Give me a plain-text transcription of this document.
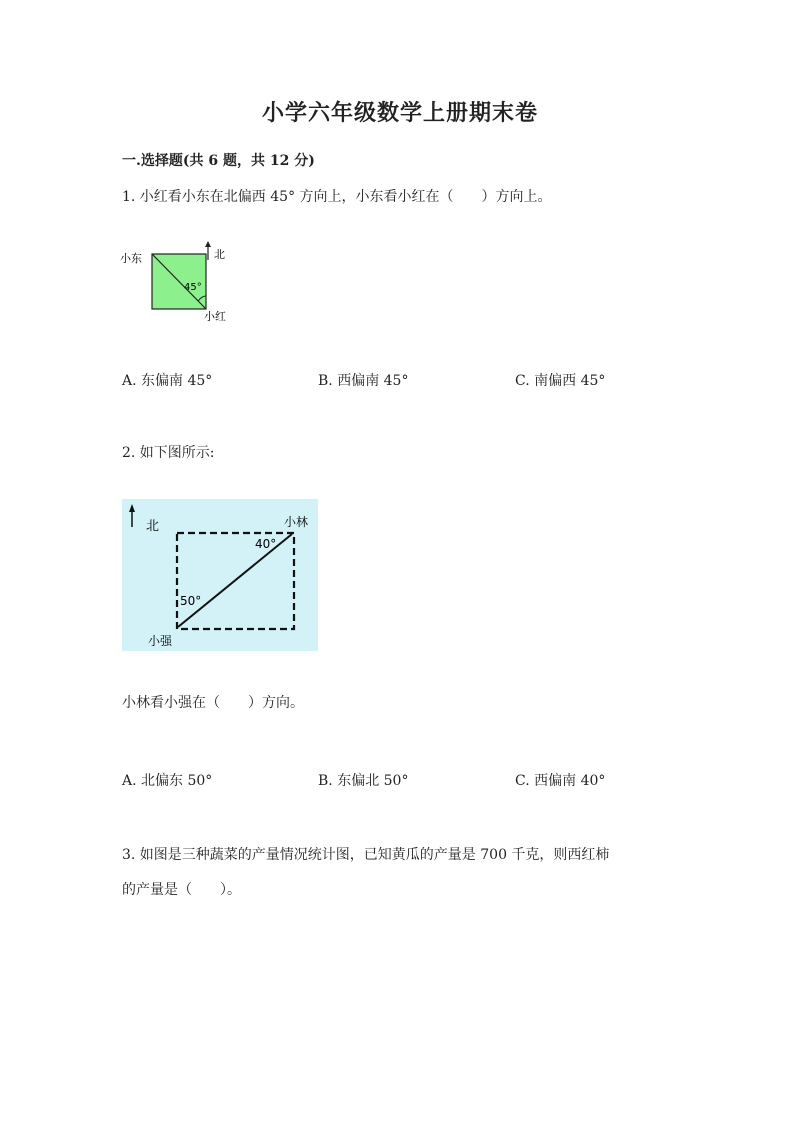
小学六年级数学上册期末卷
一.选择题(共 6 题，共 12 分)
1. 小红看小东在北偏西 45° 方向上，小东看小红在（　　）方向上。
小东	北
45°
小红
A. 东偏南 45°	B. 西偏南 45°	C. 南偏西 45°
2. 如下图所示:
北	小林
40°
50°
小强
小林看小强在（　　）方向。
A. 北偏东 50°	B. 东偏北 50°	C. 西偏南 40°
3. 如图是三种蔬菜的产量情况统计图，已知黄瓜的产量是 700 千克，则西红柿
的产量是（　　）。
